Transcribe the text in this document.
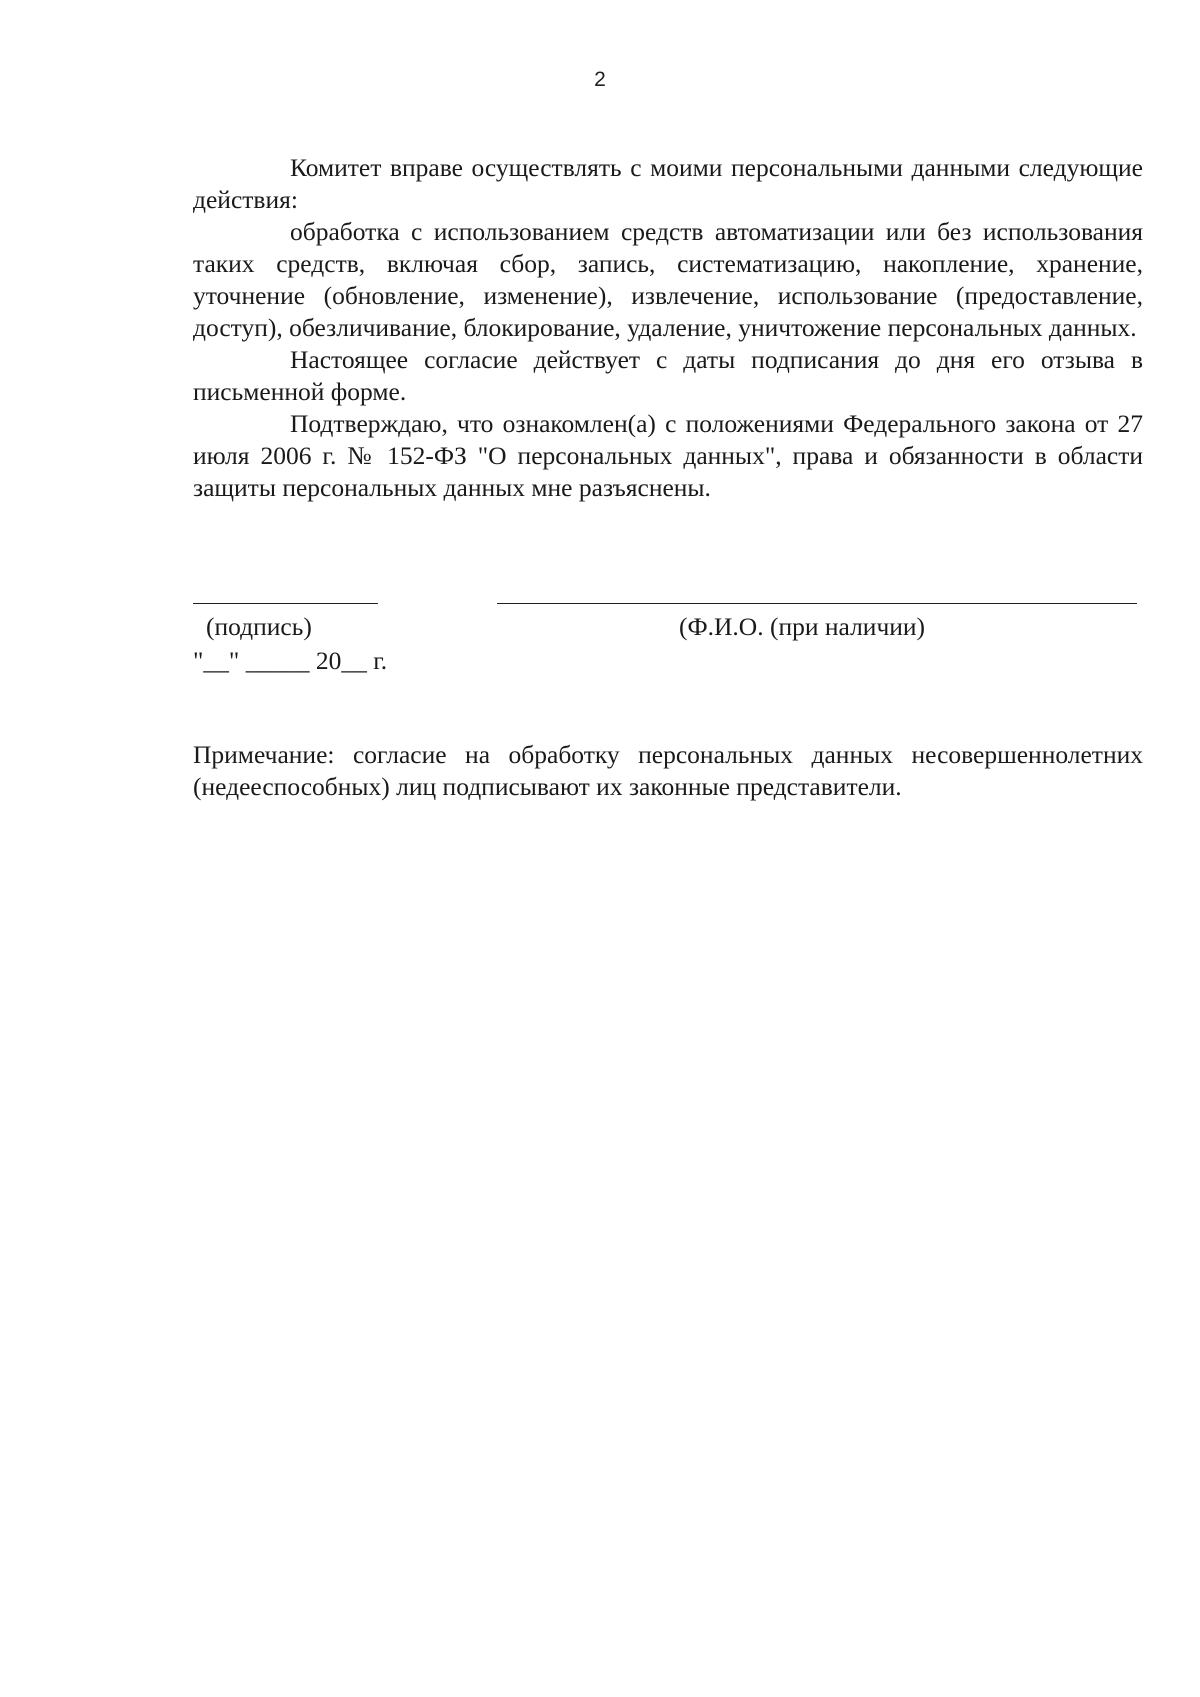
2

Комитет вправе осуществлять с моими персональными данными следующие действия:

обработка с использованием средств автоматизации или без использования таких средств, включая сбор, запись, систематизацию, накопление, хранение, уточнение (обновление, изменение), извлечение, использование (предоставление, доступ), обезличивание, блокирование, удаление, уничтожение персональных данных.

Настоящее согласие действует с даты подписания до дня его отзыва в письменной форме.

Подтверждаю, что ознакомлен(а) с положениями Федерального закона от 27 июля 2006 г. № 152-ФЗ "О персональных данных", права и обязанности в области защиты персональных данных мне разъяснены.

(подпись)	(Ф.И.О. (при наличии)
"__" _____ 20__ г.

Примечание: согласие на обработку персональных данных несовершеннолетних (недееспособных) лиц подписывают их законные представители.
